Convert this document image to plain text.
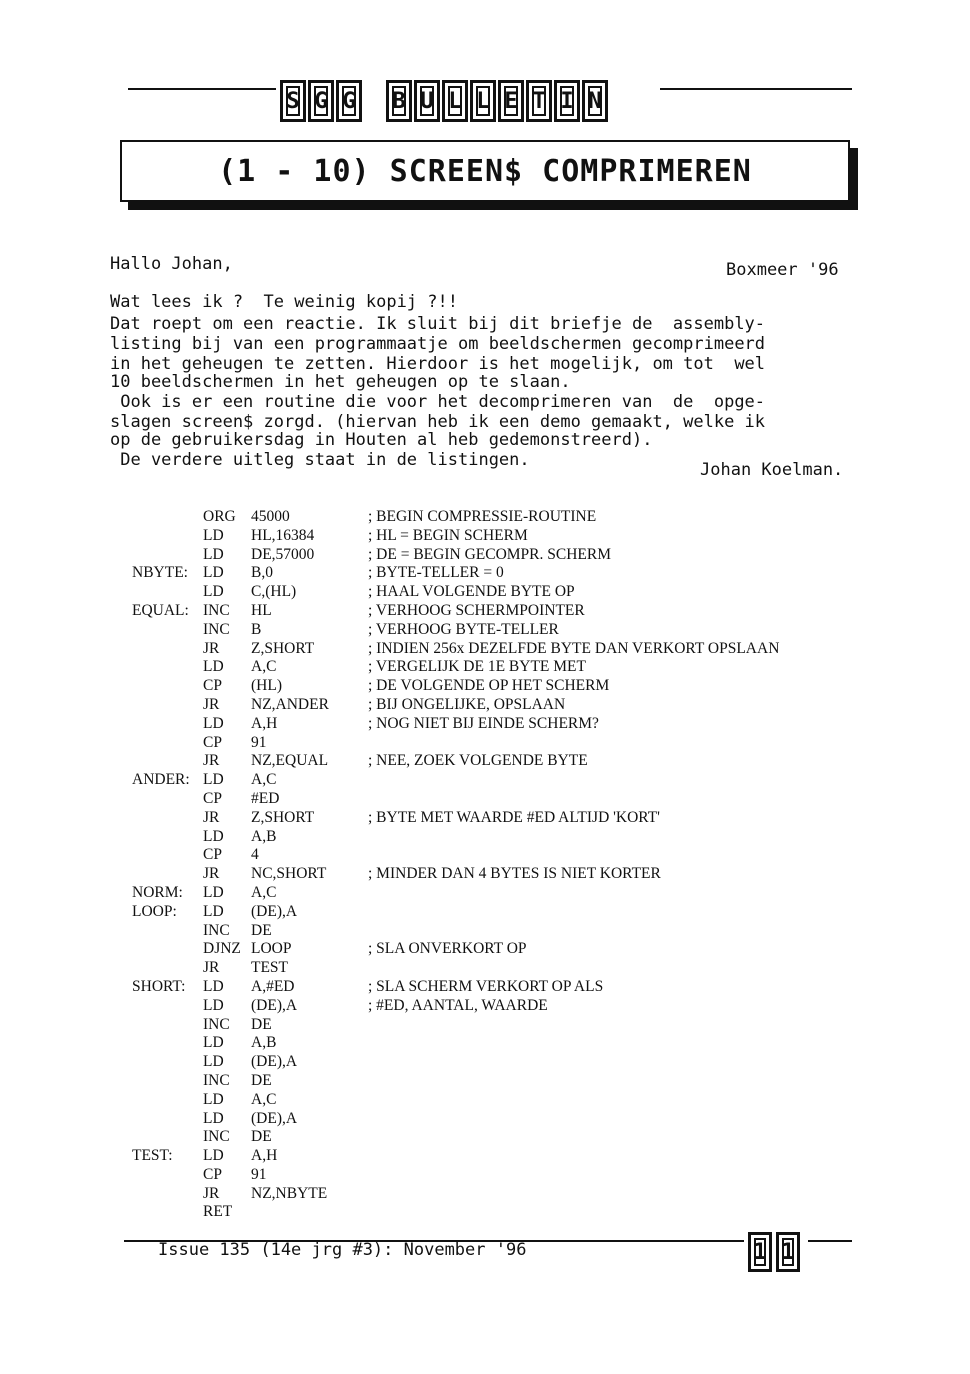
S G G B U L L E T I N
(1 - 10) SCREEN$ COMPRIMEREN
Hallo Johan,	Boxmeer '96
Wat lees ik ?  Te weinig kopij ?!!
Dat roept om een reactie. Ik sluit bij dit briefje de  assembly-
listing bij van een programmaatje om beeldschermen gecomprimeerd
in het geheugen te zetten. Hierdoor is het mogelijk, om tot  wel
10 beeldschermen in het geheugen op te slaan.
Ook is er een routine die voor het decomprimeren van  de  opge-
slagen screen$ zorgd. (hiervan heb ik een demo gemaakt, welke ik
op de gebruikersdag in Houten al heb gedemonstreerd).
De verdere uitleg staat in de listingen.	Johan Koelman.
ORG 45000	; BEGIN COMPRESSIE-ROUTINE
LD HL,16384	; HL = BEGIN SCHERM
LD DE,57000	; DE = BEGIN GECOMPR. SCHERM
NBYTE: LD B,0	; BYTE-TELLER = 0
LD C,(HL)	; HAAL VOLGENDE BYTE OP
EQUAL: INC HL	; VERHOOG SCHERMPOINTER
INC B	; VERHOOG BYTE-TELLER
JR Z,SHORT	; INDIEN 256x DEZELFDE BYTE DAN VERKORT OPSLAAN
LD A,C	; VERGELIJK DE 1E BYTE MET
CP (HL)	; DE VOLGENDE OP HET SCHERM
JR NZ,ANDER	; BIJ ONGELIJKE, OPSLAAN
LD A,H	; NOG NIET BIJ EINDE SCHERM?
CP 91
JR NZ,EQUAL	; NEE, ZOEK VOLGENDE BYTE
ANDER: LD A,C
CP #ED
JR Z,SHORT	; BYTE MET WAARDE #ED ALTIJD 'KORT'
LD A,B
CP 4
JR NC,SHORT	; MINDER DAN 4 BYTES IS NIET KORTER
NORM: LD A,C
LOOP: LD (DE),A
INC DE
DJNZ LOOP	; SLA ONVERKORT OP
JR TEST
SHORT: LD A,#ED	; SLA SCHERM VERKORT OP ALS
LD (DE),A	; #ED, AANTAL, WAARDE
INC DE
LD A,B
LD (DE),A
INC DE
LD A,C
LD (DE),A
INC DE
TEST: LD A,H
CP 91
JR NZ,NBYTE
RET
Issue 135 (14e jrg #3): November '96	1 1
